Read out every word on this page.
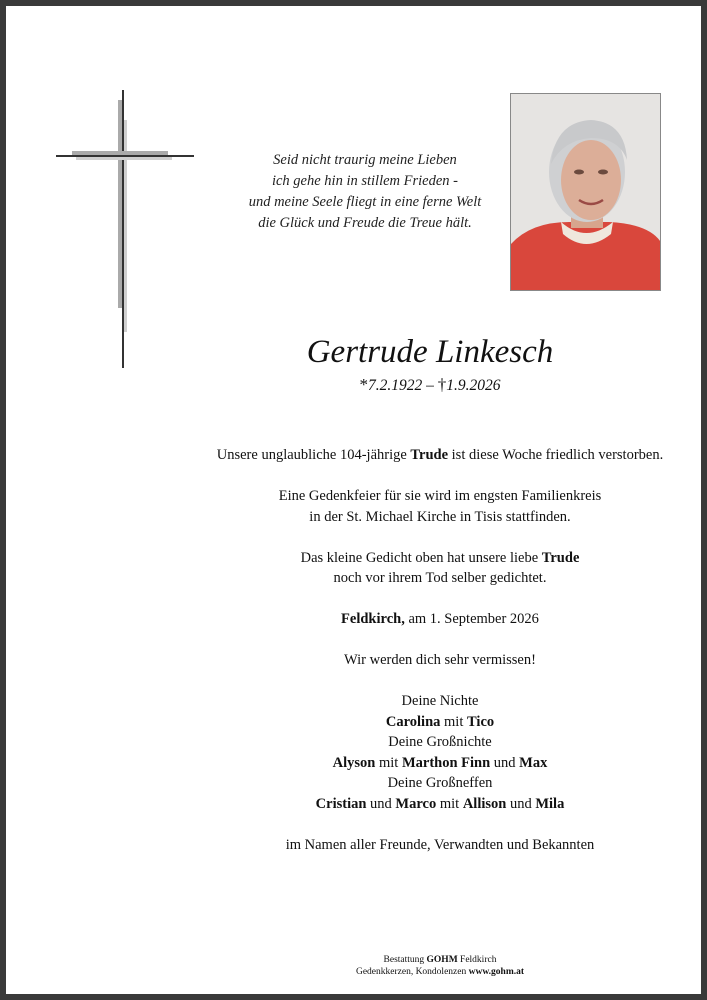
Seid nicht traurig meine Lieben
ich gehe hin in stillem Frieden -
und meine Seele fliegt in eine ferne Welt
die Glück und Freude die Treue hält.
Gertrude Linkesch
*7.2.1922 – †1.9.2026

Unsere unglaubliche 104-jährige Trude ist diese Woche friedlich verstorben.

Eine Gedenkfeier für sie wird im engsten Familienkreis

in der St. Michael Kirche in Tisis stattfinden.

Das kleine Gedicht oben hat unsere liebe Trude

noch vor ihrem Tod selber gedichtet.

Feldkirch, am 1. September 2026

Wir werden dich sehr vermissen!

Deine Nichte

Carolina mit Tico

Deine Großnichte

Alyson mit Marthon Finn und Max

Deine Großneffen

Cristian und Marco mit Allison und Mila

im Namen aller Freunde, Verwandten und Bekannten

Bestattung GOHM Feldkirch
Gedenkkerzen, Kondolenzen www.gohm.at
